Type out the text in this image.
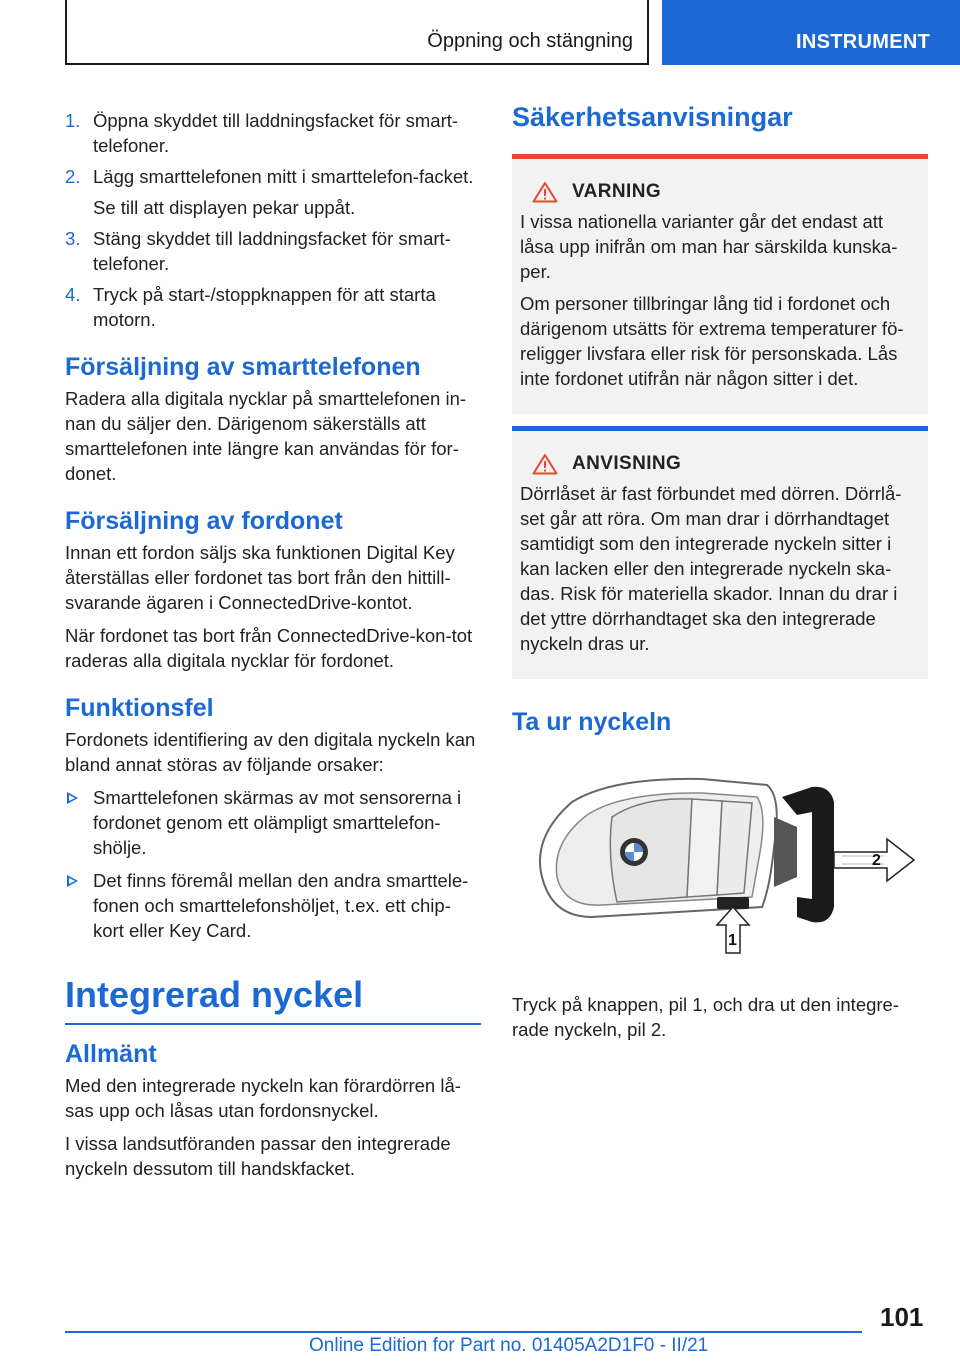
Öppning och stängning	INSTRUMENT
1. Öppna skyddet till laddningsfacket för smart‐telefoner.

2. Lägg smarttelefonen mitt i smarttelefon‐facket.

Se till att displayen pekar uppåt.

3. Stäng skyddet till laddningsfacket för smart‐telefoner.

4. Tryck på start-/stoppknappen för att starta motorn.

Försäljning av smarttelefonen

Radera alla digitala nycklar på smarttelefonen in‐nan du säljer den. Därigenom säkerställs att smarttelefonen inte längre kan användas för for‐donet.

Försäljning av fordonet

Innan ett fordon säljs ska funktionen Digital Key återställas eller fordonet tas bort från den hittill‐svarande ägaren i ConnectedDrive-kontot.

När fordonet tas bort från ConnectedDrive-kon‐tot raderas alla digitala nycklar för fordonet.

Funktionsfel

Fordonets identifiering av den digitala nyckeln kan bland annat störas av följande orsaker:

Smarttelefonen skärmas av mot sensorerna i fordonet genom ett olämpligt smarttelefon‐shölje.

Det finns föremål mellan den andra smarttele‐fonen och smarttelefonshöljet, t.ex. ett chip‐kort eller Key Card.

Integrerad nyckel
Allmänt

Med den integrerade nyckeln kan förardörren lå‐sas upp och låsas utan fordonsnyckel.

I vissa landsutföranden passar den integrerade nyckeln dessutom till handskfacket.

Säkerhetsanvisningar
VARNING

I vissa nationella varianter går det endast att låsa upp inifrån om man har särskilda kunska‐per.

Om personer tillbringar lång tid i fordonet och därigenom utsätts för extrema temperaturer fö‐religger livsfara eller risk för personskada. Lås inte fordonet utifrån när någon sitter i det.

ANVISNING

Dörrlåset är fast förbundet med dörren. Dörrlå‐set går att röra. Om man drar i dörrhandtaget samtidigt som den integrerade nyckeln sitter i kan lacken eller den integrerade nyckeln ska‐das. Risk för materiella skador. Innan du drar i det yttre dörrhandtaget ska den integrerade nyckeln dras ur.

Ta ur nyckeln
2
1

Tryck på knappen, pil 1, och dra ut den integre‐rade nyckeln, pil 2.

101
Online Edition for Part no. 01405A2D1F0 - II/21
